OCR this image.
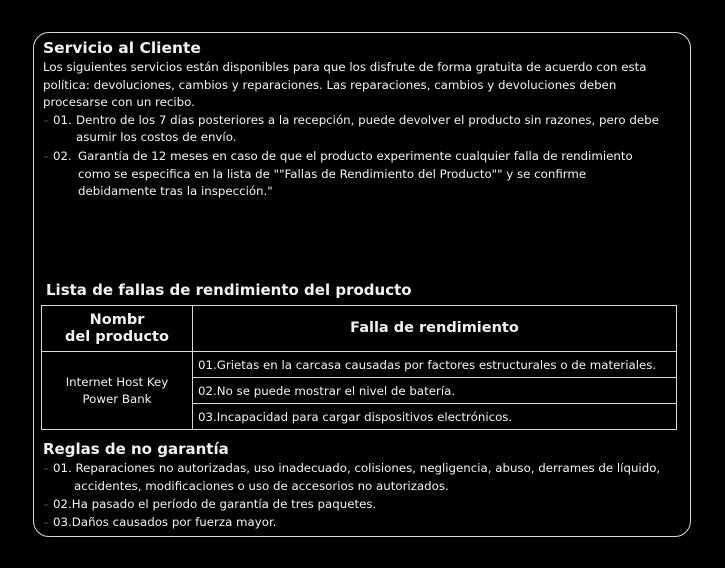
Servicio al Cliente
Los siguientes servicios están disponibles para que los disfrute de forma gratuita de acuerdo con esta
política: devoluciones, cambios y reparaciones. Las reparaciones, cambios y devoluciones deben
procesarse con un recibo.
- 01. Dentro de los 7 días posteriores a la recepción, puede devolver el producto sin razones, pero debe
asumir los costos de envío.
- 02. Garantía de 12 meses en caso de que el producto experimente cualquier falla de rendimiento
como se especifica en la lista de ""Fallas de Rendimiento del Producto"" y se confirme
debidamente tras la inspección."
Lista de fallas de rendimiento del producto
Nombr
del producto	Falla de rendimiento
Internet Host Key
Power Bank	01.Grietas en la carcasa causadas por factores estructurales o de materiales.
	02.No se puede mostrar el nivel de batería.
	03.Incapacidad para cargar dispositivos electrónicos.
Reglas de no garantía
- 01. Reparaciones no autorizadas, uso inadecuado, colisiones, negligencia, abuso, derrames de líquido,
accidentes, modificaciones o uso de accesorios no autorizados.
- 02.Ha pasado el período de garantía de tres paquetes.
- 03.Daños causados por fuerza mayor.
